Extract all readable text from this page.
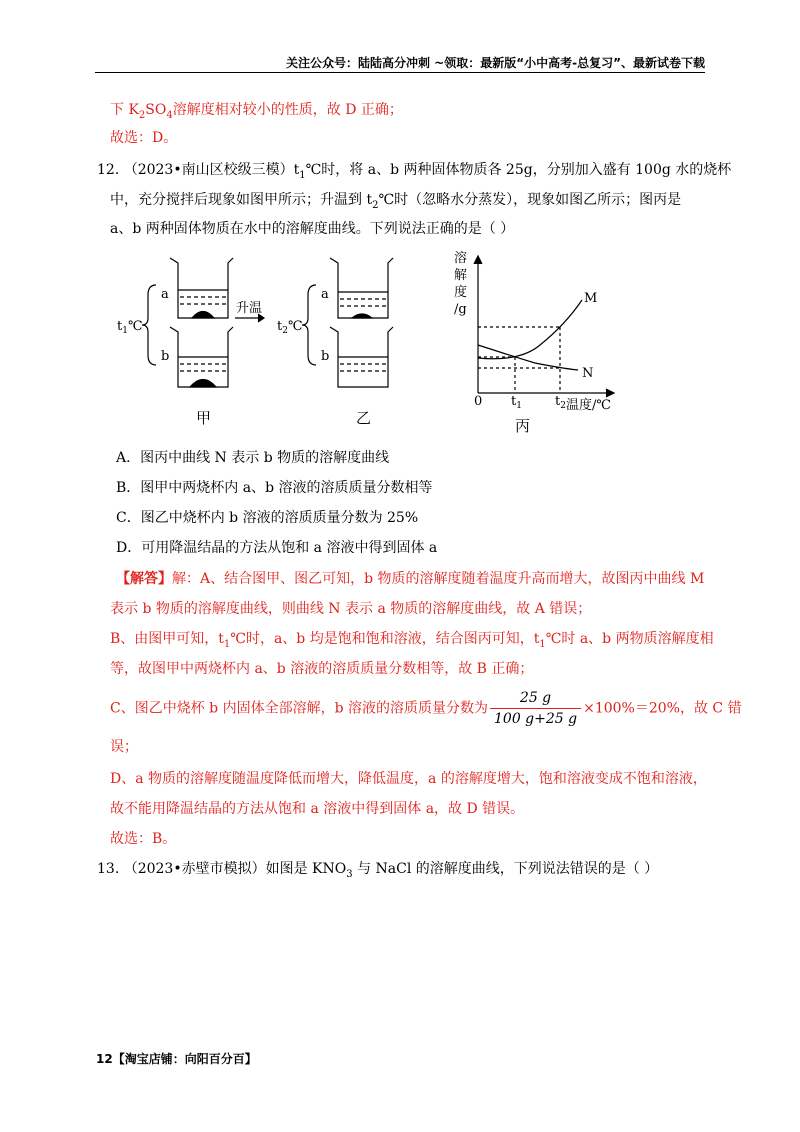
关注公众号：陆陆高分冲刺 ~领取：最新版“小中高考-总复习”、最新试卷下载
下 $K_2SO_4$溶解度相对较小的性质，故 D 正确；
故选：D。
12. （2023•南山区校级三模）$t_1℃$时，将 a、b 两种固体物质各 25g，分别加入盛有 100g 水的烧杯
中，充分搅拌后现象如图甲所示；升温到 $t_2℃$时（忽略水分蒸发），现象如图乙所示；图丙是
a、b 两种固体物质在水中的溶解度曲线。下列说法正确的是（ ）
a
b
$t_1℃$
升温
a
b
$t_2℃$
甲	乙	丙
溶
解
度
/g
0 $t_1$	$t_2$ 温度/℃
M
N
A．图丙中曲线 N 表示 b 物质的溶解度曲线
B．图甲中两烧杯内 a、b 溶液的溶质质量分数相等
C．图乙中烧杯内 b 溶液的溶质质量分数为 25%
D．可用降温结晶的方法从饱和 a 溶液中得到固体 a
【解答】解：A、结合图甲、图乙可知，b 物质的溶解度随着温度升高而增大，故图丙中曲线 M
表示 b 物质的溶解度曲线，则曲线 N 表示 a 物质的溶解度曲线，故 A 错误；
B、由图甲可知，$t_1℃$时，a、b 均是饱和饱和溶液，结合图丙可知，$t_1℃$时 a、b 两物质溶解度相
等，故图甲中两烧杯内 a、b 溶液的溶质质量分数相等，故 B 正确；
C、图乙中烧杯 b 内固体全部溶解，b 溶液的溶质质量分数为 $\frac{25 g}{100 g+25 g} \times 100\%=20\%$，故 C 错
误；
D、a 物质的溶解度随温度降低而增大，降低温度，a 的溶解度增大，饱和溶液变成不饱和溶液，
故不能用降温结晶的方法从饱和 a 溶液中得到固体 a，故 D 错误。
故选：B。
13. （2023•赤壁市模拟）如图是 $KNO_3$ 与 NaCl 的溶解度曲线，下列说法错误的是（ ）
12【淘宝店铺：向阳百分百】
